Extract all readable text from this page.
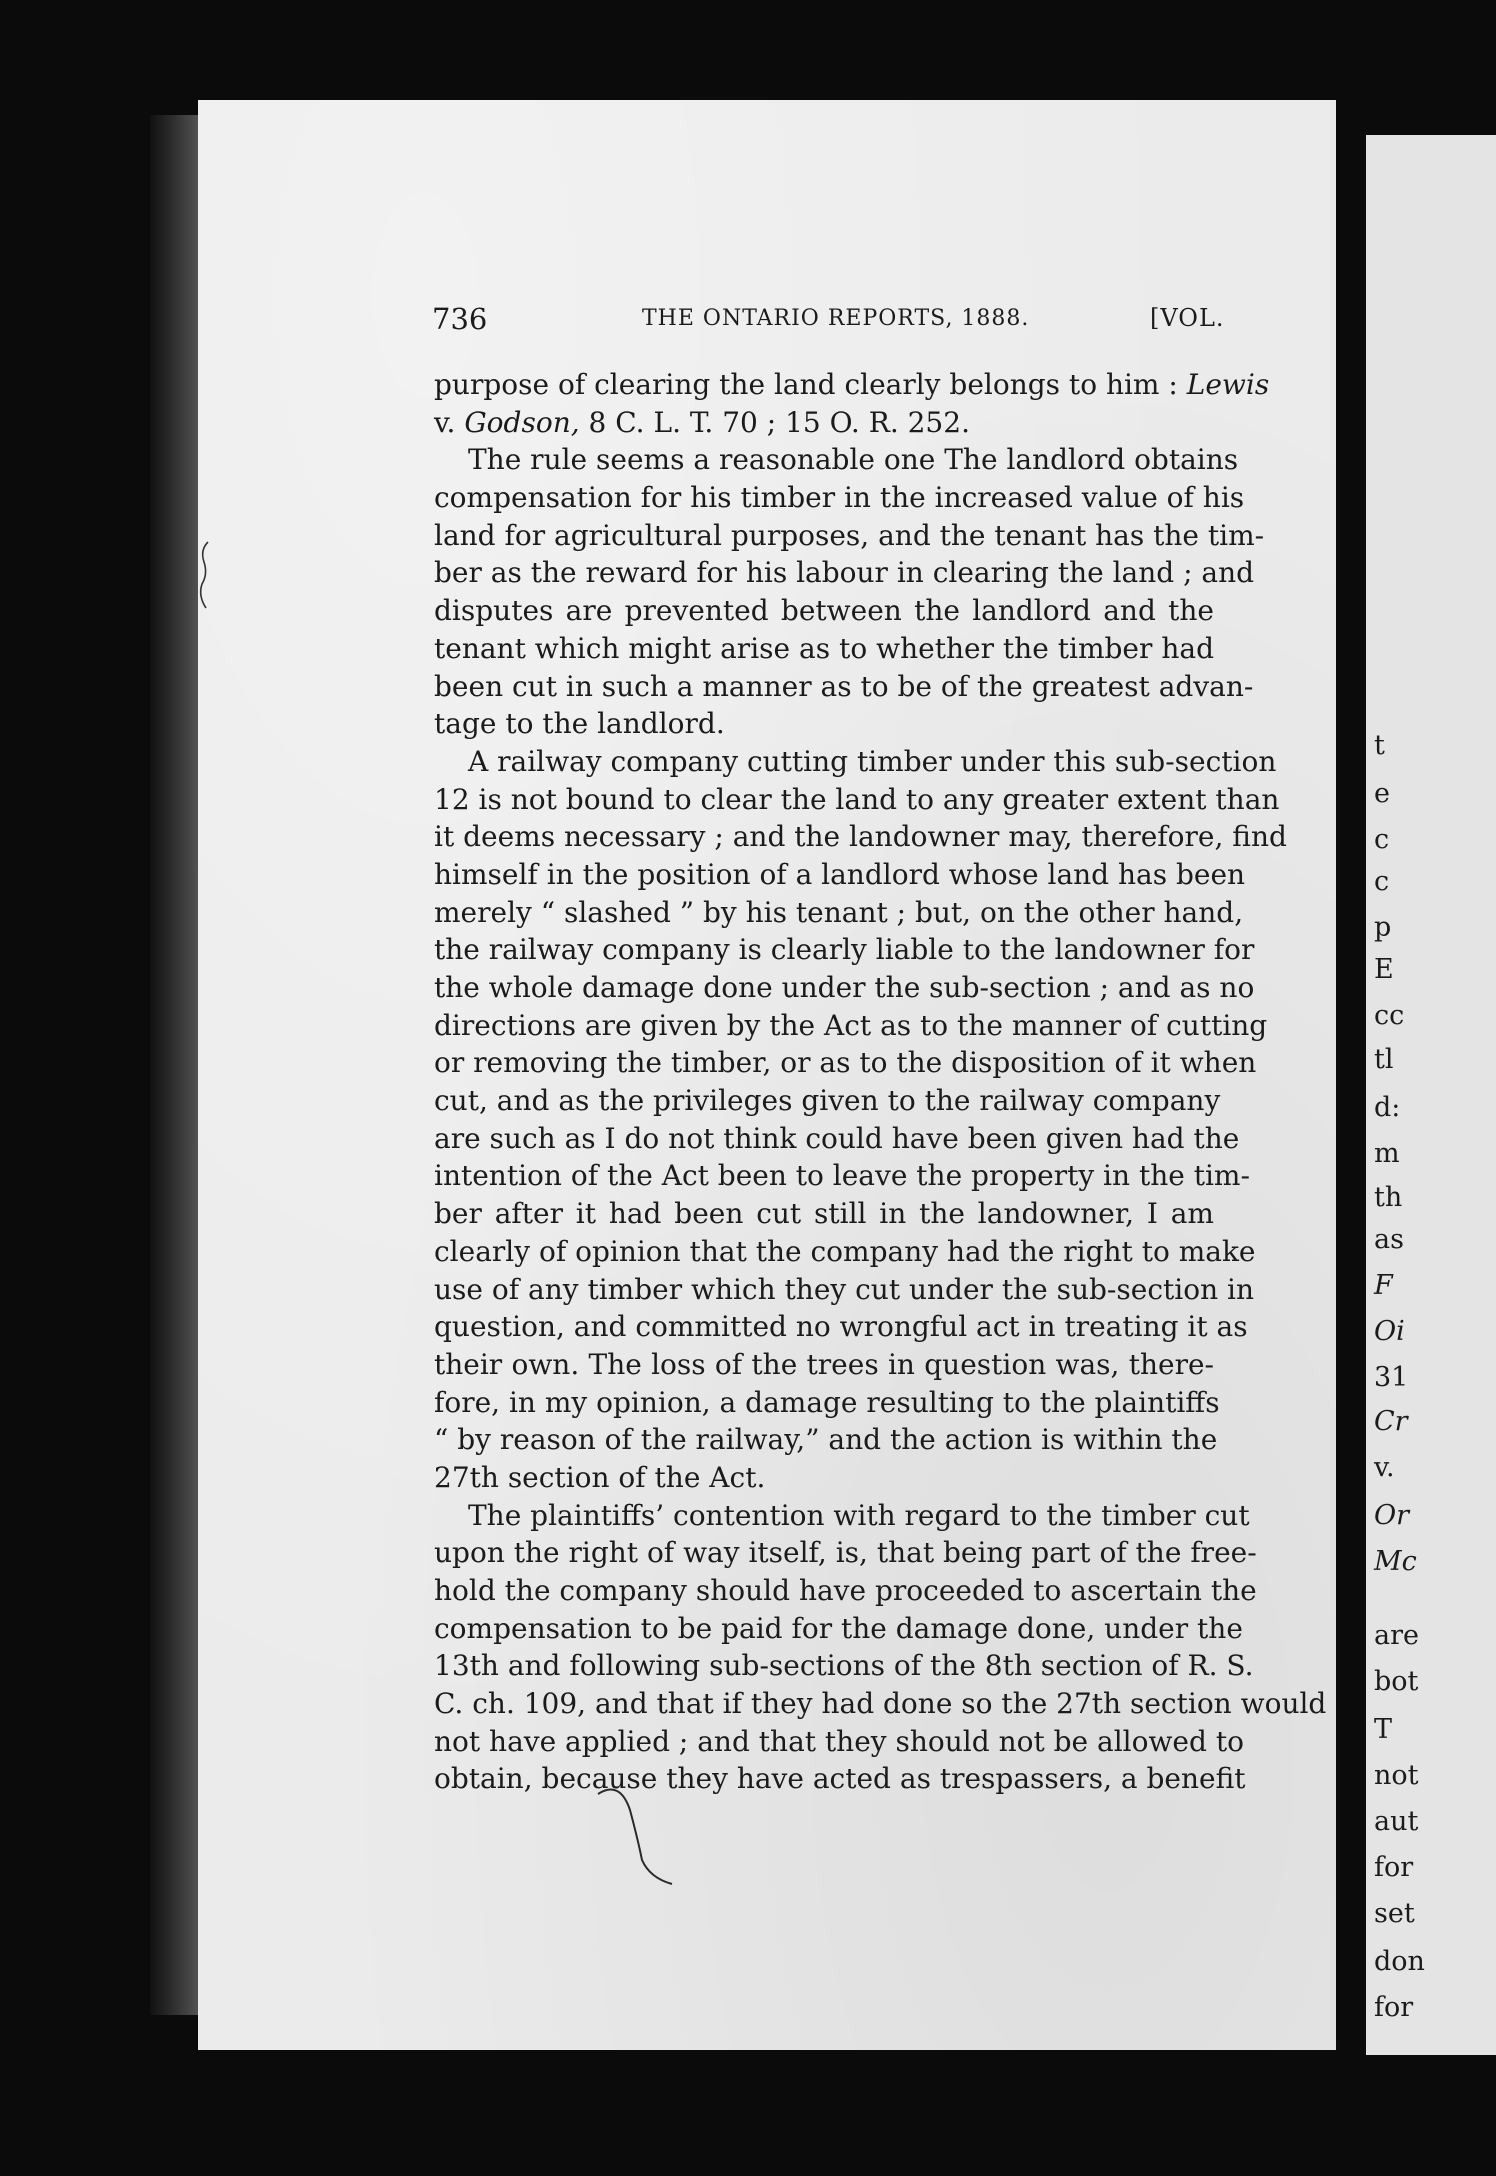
736	THE ONTARIO REPORTS, 1888.	[VOL.
purpose of clearing the land clearly belongs to him : Lewis
v. Godson, 8 C. L. T. 70 ; 15 O. R. 252.
The rule seems a reasonable one The landlord obtains
compensation for his timber in the increased value of his
land for agricultural purposes, and the tenant has the tim-
ber as the reward for his labour in clearing the land ; and
disputes are prevented between the landlord and the
tenant which might arise as to whether the timber had
been cut in such a manner as to be of the greatest advan-
tage to the landlord.
A railway company cutting timber under this sub-section
12 is not bound to clear the land to any greater extent than
it deems necessary ; and the landowner may, therefore, find
himself in the position of a landlord whose land has been
merely “ slashed ” by his tenant ; but, on the other hand,
the railway company is clearly liable to the landowner for
the whole damage done under the sub-section ; and as no
directions are given by the Act as to the manner of cutting
or removing the timber, or as to the disposition of it when
cut, and as the privileges given to the railway company
are such as I do not think could have been given had the
intention of the Act been to leave the property in the tim-
ber after it had been cut still in the landowner, I am
clearly of opinion that the company had the right to make
use of any timber which they cut under the sub-section in
question, and committed no wrongful act in treating it as
their own. The loss of the trees in question was, there-
fore, in my opinion, a damage resulting to the plaintiffs
“ by reason of the railway,” and the action is within the
27th section of the Act.
The plaintiffs’ contention with regard to the timber cut
upon the right of way itself, is, that being part of the free-
hold the company should have proceeded to ascertain the
compensation to be paid for the damage done, under the
13th and following sub-sections of the 8th section of R. S.
C. ch. 109, and that if they had done so the 27th section would
not have applied ; and that they should not be allowed to
obtain, because they have acted as trespassers, a benefit
t
e
c
c
p
E
cc
tl
d:
m
th
as
F
Oi
31
Cr
v.
Or
Mc
are
bot
T
not
aut
for
set
don
for
